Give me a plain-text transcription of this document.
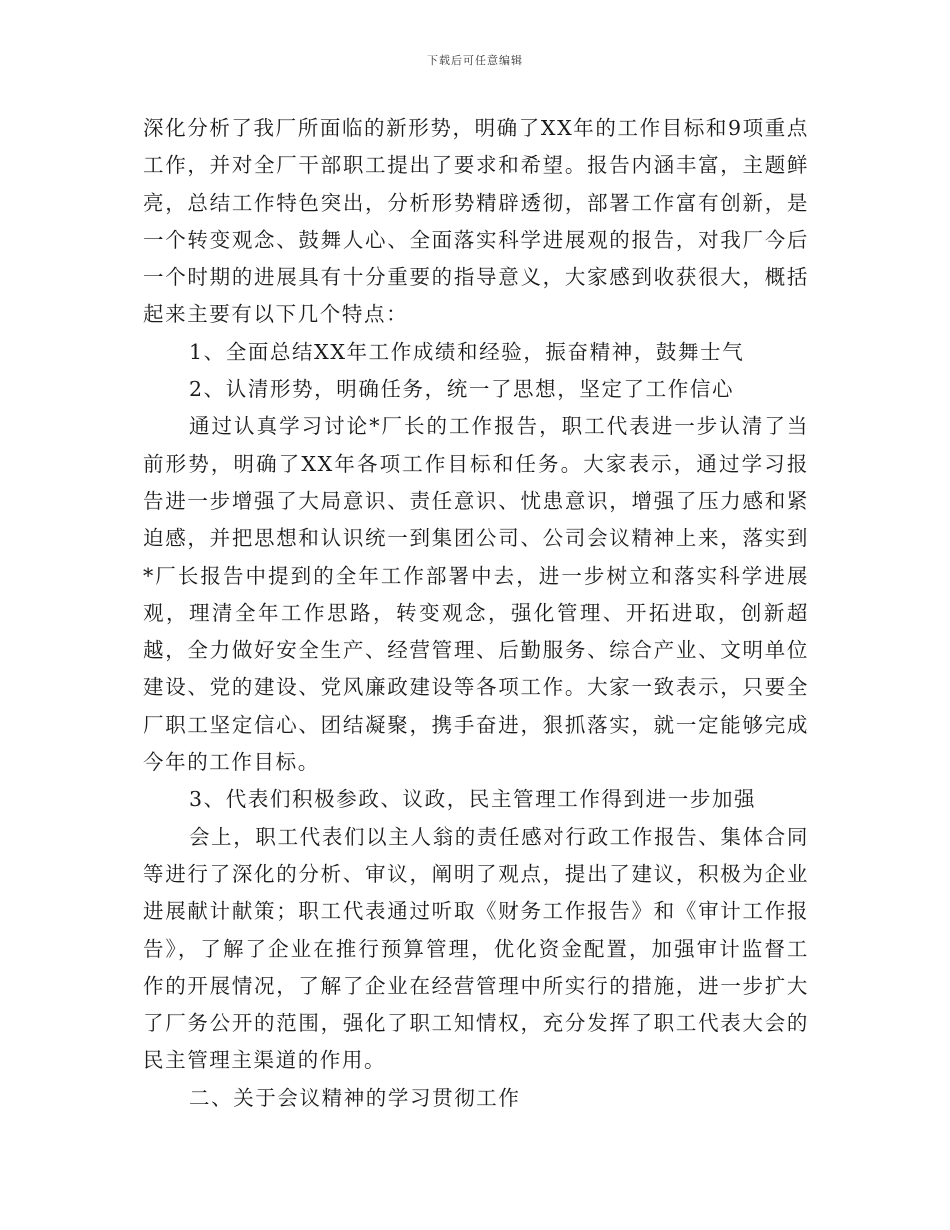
下载后可任意编辑

深化分析了我厂所面临的新形势，明确了XX年的工作目标和9项重点工作，并对全厂干部职工提出了要求和希望。报告内涵丰富，主题鲜亮，总结工作特色突出，分析形势精辟透彻，部署工作富有创新，是一个转变观念、鼓舞人心、全面落实科学进展观的报告，对我厂今后一个时期的进展具有十分重要的指导意义，大家感到收获很大，概括起来主要有以下几个特点：

1、全面总结XX年工作成绩和经验，振奋精神，鼓舞士气

2、认清形势，明确任务，统一了思想，坚定了工作信心

通过认真学习讨论*厂长的工作报告，职工代表进一步认清了当前形势，明确了XX年各项工作目标和任务。大家表示，通过学习报告进一步增强了大局意识、责任意识、忧患意识，增强了压力感和紧迫感，并把思想和认识统一到集团公司、公司会议精神上来，落实到*厂长报告中提到的全年工作部署中去，进一步树立和落实科学进展观，理清全年工作思路，转变观念，强化管理、开拓进取，创新超越，全力做好安全生产、经营管理、后勤服务、综合产业、文明单位建设、党的建设、党风廉政建设等各项工作。大家一致表示，只要全厂职工坚定信心、团结凝聚，携手奋进，狠抓落实，就一定能够完成今年的工作目标。

3、代表们积极参政、议政，民主管理工作得到进一步加强

会上，职工代表们以主人翁的责任感对行政工作报告、集体合同等进行了深化的分析、审议，阐明了观点，提出了建议，积极为企业进展献计献策；职工代表通过听取《财务工作报告》和《审计工作报告》，了解了企业在推行预算管理，优化资金配置，加强审计监督工作的开展情况，了解了企业在经营管理中所实行的措施，进一步扩大了厂务公开的范围，强化了职工知情权，充分发挥了职工代表大会的民主管理主渠道的作用。

二、关于会议精神的学习贯彻工作
